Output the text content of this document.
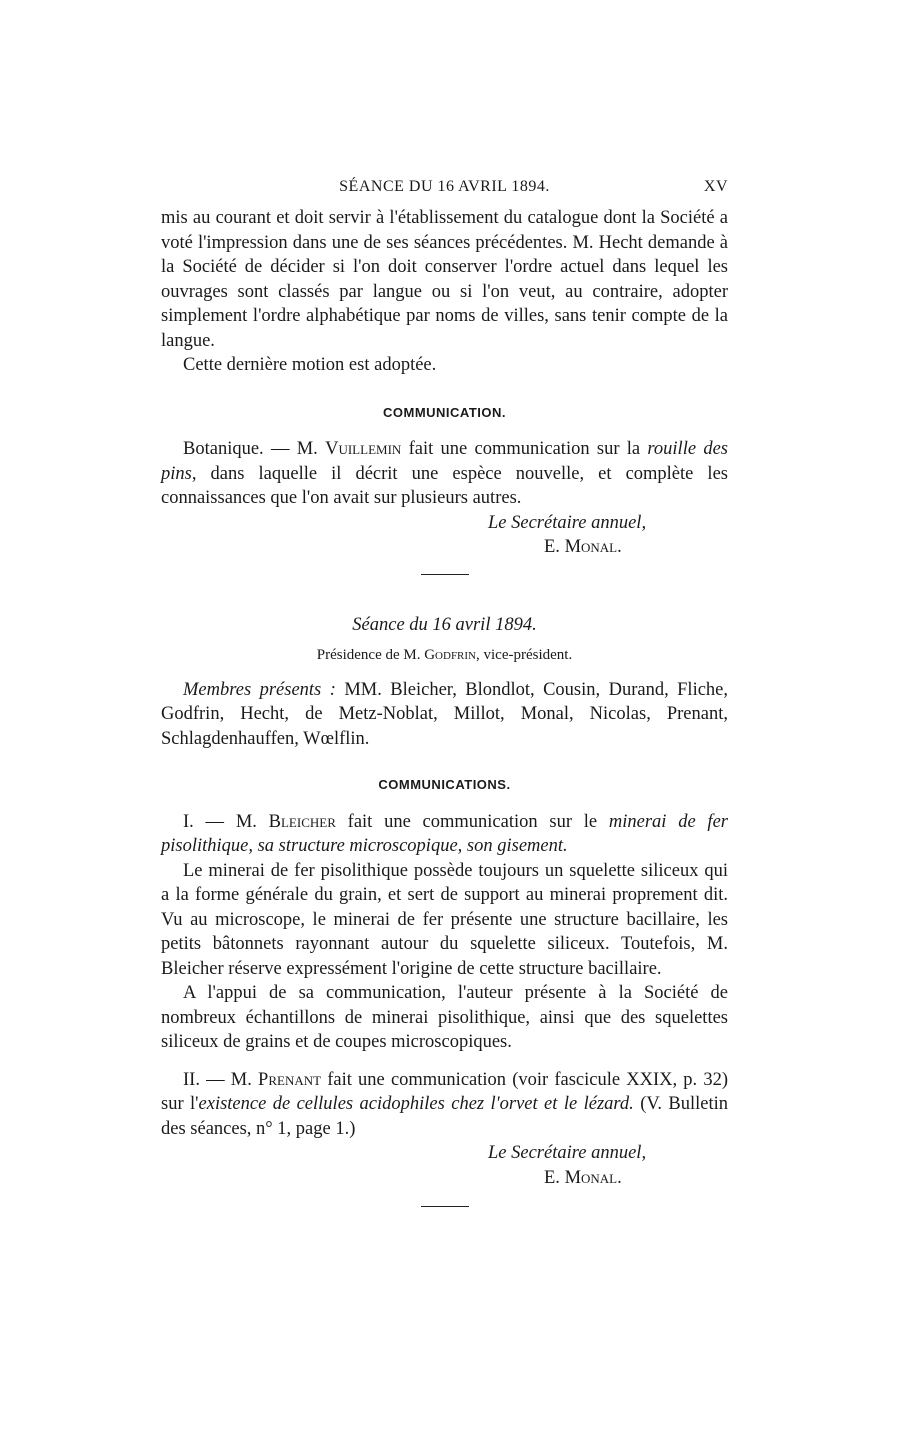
SÉANCE DU 16 AVRIL 1894.	XV

mis au courant et doit servir à l'établissement du catalogue dont la Société a voté l'impression dans une de ses séances précédentes. M. Hecht demande à la Société de décider si l'on doit conserver l'ordre actuel dans lequel les ouvrages sont classés par langue ou si l'on veut, au contraire, adopter simplement l'ordre alphabétique par noms de villes, sans tenir compte de la langue.

Cette dernière motion est adoptée.

COMMUNICATION.

Botanique. — M. Vuillemin fait une communication sur la rouille des pins, dans laquelle il décrit une espèce nouvelle, et complète les connaissances que l'on avait sur plusieurs autres.

Le Secrétaire annuel,
E. Monal.

Séance du 16 avril 1894.

Présidence de M. Godfrin, vice-président.

Membres présents : MM. Bleicher, Blondlot, Cousin, Durand, Fliche, Godfrin, Hecht, de Metz-Noblat, Millot, Monal, Nicolas, Prenant, Schlagdenhauffen, Wœlflin.

COMMUNICATIONS.

I. — M. Bleicher fait une communication sur le minerai de fer pisolithique, sa structure microscopique, son gisement.

Le minerai de fer pisolithique possède toujours un squelette siliceux qui a la forme générale du grain, et sert de support au minerai proprement dit. Vu au microscope, le minerai de fer présente une structure bacillaire, les petits bâtonnets rayonnant autour du squelette siliceux. Toutefois, M. Bleicher réserve expressément l'origine de cette structure bacillaire.

A l'appui de sa communication, l'auteur présente à la Société de nombreux échantillons de minerai pisolithique, ainsi que des squelettes siliceux de grains et de coupes microscopiques.

II. — M. Prenant fait une communication (voir fascicule XXIX, p. 32) sur l'existence de cellules acidophiles chez l'orvet et le lézard. (V. Bulletin des séances, n° 1, page 1.)

Le Secrétaire annuel,
E. Monal.
